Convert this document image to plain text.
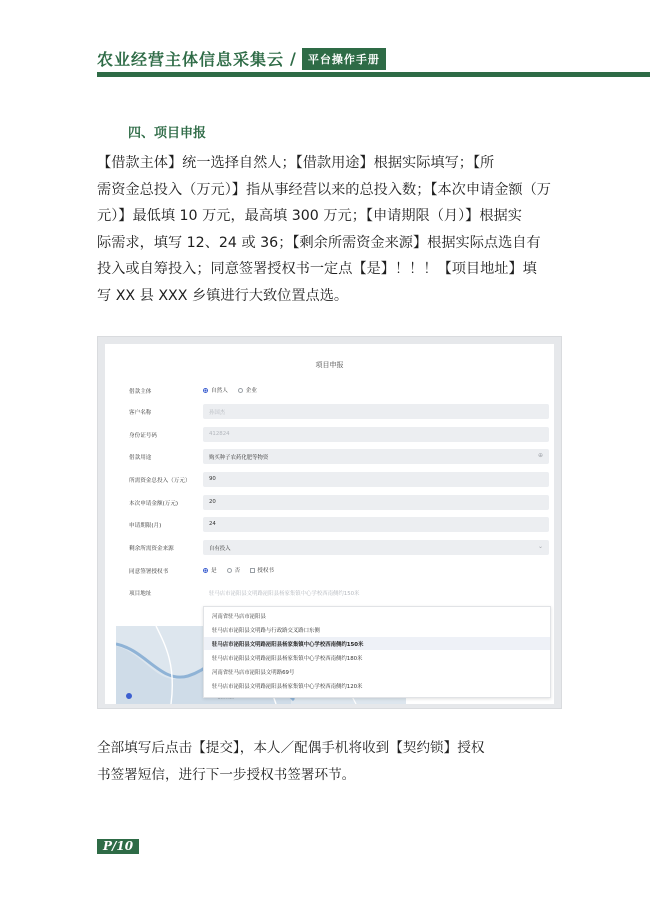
农业经营主体信息采集云 /	平台操作手册
四、项目申报
【借款主体】统一选择自然人；【借款用途】根据实际填写；【所
需资金总投入（万元）】指从事经营以来的总投入数；【本次申请金额（万
元）】最低填 10 万元，最高填 300 万元；【申请期限（月）】根据实
际需求，填写 12、24 或 36；【剩余所需资金来源】根据实际点选自有
投入或自筹投入；同意签署授权书一定点【是】！！！【项目地址】填
写 XX 县 XXX 乡镇进行大致位置点选。
项目申报
借款主体	自然人	企业
客户名称	孙国杰
身份证号码	412824
借款用途	购买种子农药化肥等物资	⊕
所需资金总投入（万元）	90
本次申请金额(万元)	20
申请期限(月)	24
剩余所需资金来源	自有投入	⌄
同意签署授权书	是	否	授权书
项目地址	驻马店市泌阳县文明路泌阳县杨家集镇中心学校西南侧约150米
河南省驻马店市泌阳县
驻马店市泌阳县文明路与行政路交叉路口东侧
驻马店市泌阳县文明路泌阳县杨家集镇中心学校西南侧约150米
驻马店市泌阳县文明路泌阳县杨家集镇中心学校西南侧约180米
河南省驻马店市泌阳县文明路69号
驻马店市泌阳县文明路泌阳县杨家集镇中心学校西南侧约120米
全部填写后点击【提交】，本人／配偶手机将收到【契约锁】授权
书签署短信，进行下一步授权书签署环节。
P/10
